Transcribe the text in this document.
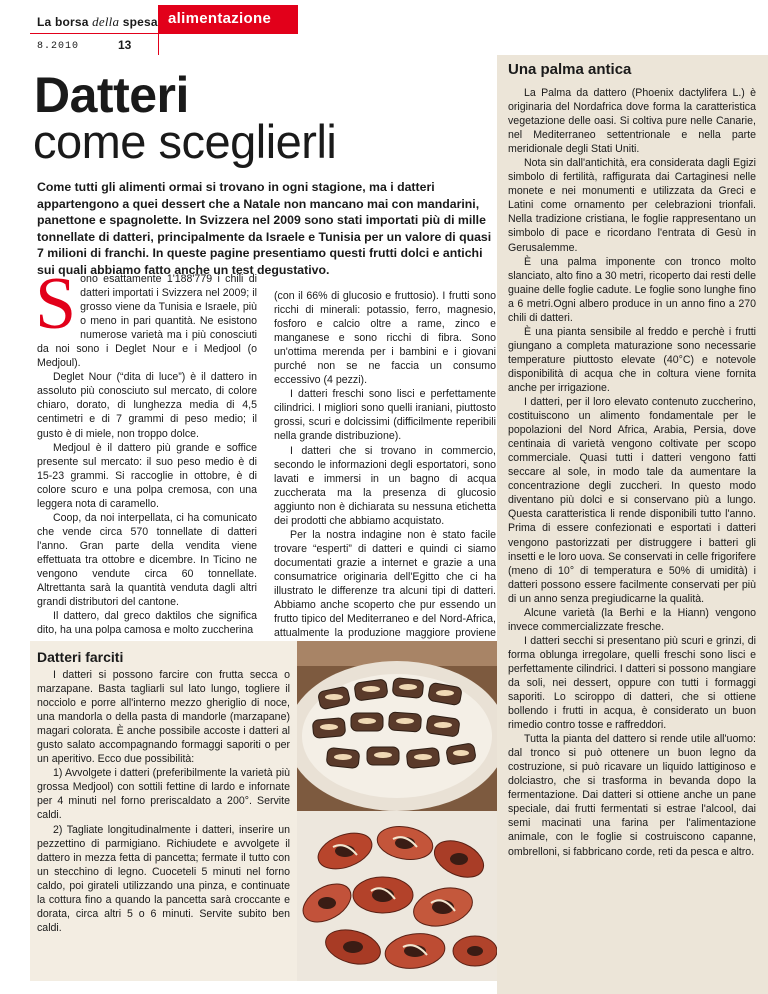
La borsa della spesa alimentazione
8.2010	13
Datteri
come sceglierli
Come tutti gli alimenti ormai si trovano in ogni stagione, ma i datteri appartengono a quei dessert che a Natale non mancano mai con mandarini, panettone e spagnolette. In Svizzera nel 2009 sono stati importati più di mille tonnellate di datteri, principalmente da Israele e Tunisia per un valore di quasi 7 milioni di franchi. In queste pagine presentiamo questi frutti dolci e antichi sui quali abbiamo fatto anche un test degustativo.

Sono esattamente 1'188'779 i chili di datteri importati i Svizzera nel 2009; il grosso viene da Tunisia e Israele, più o meno in pari quantità. Ne esistono numerose varietà ma i più conosciuti da noi sono i Deglet Nour e i Medjool (o Medjoul).

Deglet Nour (“dita di luce”) è il dattero in assoluto più conosciuto sul mercato, di colore chiaro, dorato, di lunghezza media di 4,5 centimetri e di 7 grammi di peso medio; il gusto è di miele, non troppo dolce.

Medjoul è il dattero più grande e soffice presente sul mercato: il suo peso medio è di 15-23 grammi. Si raccoglie in ottobre, è di colore scuro e una polpa cremosa, con una leggera nota di caramello.

Coop, da noi interpellata, ci ha comunicato che vende circa 570 tonnellate di datteri l'anno. Gran parte della vendita viene effettuata tra ottobre e dicembre. In Ticino ne vengono vendute circa 60 tonnellate. Altrettanta sarà la quantità venduta dagli altri grandi distributori del cantone.

Il dattero, dal greco daktilos che significa dito, ha una polpa camosa e molto zuccherina

(con il 66% di glucosio e fruttosio). I frutti sono ricchi di minerali: potassio, ferro, magnesio, fosforo e calcio oltre a rame, zinco e manganese e sono ricchi di fibra. Sono un'ottima merenda per i bambini e i giovani purché non se ne faccia un consumo eccessivo (4 pezzi).

I datteri freschi sono lisci e perfettamente cilindrici. I migliori sono quelli iraniani, piuttosto grossi, scuri e dolcissimi (difficilmente reperibili nella grande distribuzione).

I datteri che si trovano in commercio, secondo le informazioni degli esportatori, sono lavati e immersi in un bagno di acqua zuccherata ma la presenza di glucosio aggiunto non è dichiarata su nessuna etichetta dei prodotti che abbiamo acquistato.

Per la nostra indagine non è stato facile trovare “esperti” di datteri e quindi ci siamo documentati grazie a internet e grazie a una consumatrice originaria dell'Egitto che ci ha illustrato le differenze tra alcuni tipi di datteri. Abbiamo anche scoperto che pur essendo un frutto tipico del Mediterraneo e del Nord-Africa, attualmente la produzione maggiore proviene

Datteri farciti

I datteri si possono farcire con frutta secca o marzapane. Basta tagliarli sul lato lungo, togliere il nocciolo e porre all'interno mezzo gheriglio di noce, una mandorla o della pasta di mandorle (marzapane) magari colorata. È anche possibile accoste i datteri al gusto salato accompagnando formaggi saporiti o per un aperitivo. Ecco due possibilità:

1) Avvolgete i datteri (preferibilmente la varietà più grossa Medjool) con sottili fettine di lardo e infornate per 4 minuti nel forno preriscaldato a 200°. Servite caldi.

2) Tagliate longitudinalmente i datteri, inserire un pezzettino di parmigiano. Richiudete e avvolgete il dattero in mezza fetta di pancetta; fermate il tutto con un stecchino di legno. Cuoceteli 5 minuti nel forno caldo, poi girateli utilizzando una pinza, e continuate la cottura fino a quando la pancetta sarà croccante e dorata, circa altri 5 o 6 minuti. Servite subito ben caldi.

Una palma antica

La Palma da dattero (Phoenix dactylifera L.) è originaria del Nordafrica dove forma la caratteristica vegetazione delle oasi. Si coltiva pure nelle Canarie, nel Mediterraneo settentrionale e nella parte meridionale degli Stati Uniti.

Nota sin dall'antichità, era considerata dagli Egizi simbolo di fertilità, raffigurata dai Cartaginesi nelle monete e nei monumenti e utilizzata da Greci e Latini come ornamento per celebrazioni trionfali. Nella tradizione cristiana, le foglie rappresentano un simbolo di pace e ricordano l'entrata di Gesù in Gerusalemme.

È una palma imponente con tronco molto slanciato, alto fino a 30 metri, ricoperto dai resti delle guaine delle foglie cadute. Le foglie sono lunghe fino a 6 metri.Ogni albero produce in un anno fino a 270 chili di datteri.

È una pianta sensibile al freddo e perchè i frutti giungano a completa maturazione sono necessarie temperature piuttosto elevate (40°C) e notevole disponibilità di acqua che in coltura viene fornita anche per irrigazione.

I datteri, per il loro elevato contenuto zuccherino, costituiscono un alimento fondamentale per le popolazioni del Nord Africa, Arabia, Persia, dove centinaia di varietà vengono coltivate per scopo commerciale. Quasi tutti i datteri vengono fatti seccare al sole, in modo tale da aumentare la concentrazione degli zuccheri. In questo modo diventano più dolci e si conservano più a lungo. Questa caratteristica li rende disponibili tutto l'anno. Prima di essere confezionati e esportati i datteri vengono pastorizzati per distruggere i batteri gli insetti e le loro uova. Se conservati in celle frigorifere (meno di 10° di temperatura e 50% di umidità) i datteri possono essere facilmente conservati per più di un anno senza pregiudicarne la qualità.

Alcune varietà (la Berhi e la Hiann) vengono invece commercializzate fresche.

I datteri secchi si presentano più scuri e grinzi, di forma oblunga irregolare, quelli freschi sono lisci e perfettamente cilindrici. I datteri si possono mangiare da soli, nei dessert, oppure con tutti i formaggi saporiti. Lo sciroppo di datteri, che si ottiene bollendo i frutti in acqua, è considerato un buon rimedio contro tosse e raffreddori.

Tutta la pianta del dattero si rende utile all'uomo: dal tronco si può ottenere un buon legno da costruzione, si può ricavare un liquido lattiginoso e dolciastro, che si trasforma in bevanda dopo la fermentazione. Dai datteri si ottiene anche un pane speciale, dai frutti fermentati si estrae l'alcool, dai semi macinati una farina per l'alimentazione animale, con le foglie si costruiscono capanne, ombrelloni, si fabbricano corde, reti da pesca e altro.
